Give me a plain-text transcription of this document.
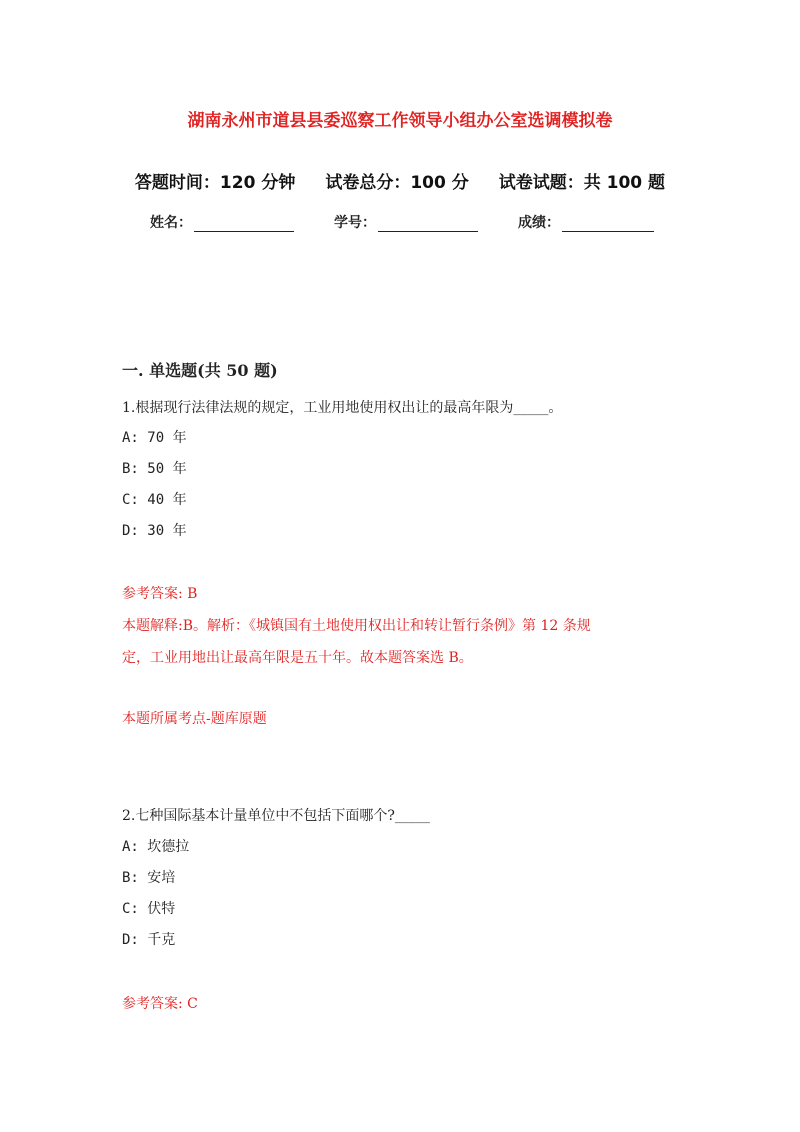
湖南永州市道县县委巡察工作领导小组办公室选调模拟卷
答题时间：120 分钟 试卷总分：100 分 试卷试题：共 100 题
姓名：	学号：	成绩：
一. 单选题(共 50 题)
1.根据现行法律法规的规定，工业用地使用权出让的最高年限为_____。
A: 70 年
B: 50 年
C: 40 年
D: 30 年
参考答案: B
本题解释:B。解析：《城镇国有土地使用权出让和转让暂行条例》第 12 条规
定，工业用地出让最高年限是五十年。故本题答案选 B。
本题所属考点-题库原题
2.七种国际基本计量单位中不包括下面哪个?_____
A: 坎德拉
B: 安培
C: 伏特
D: 千克
参考答案: C
